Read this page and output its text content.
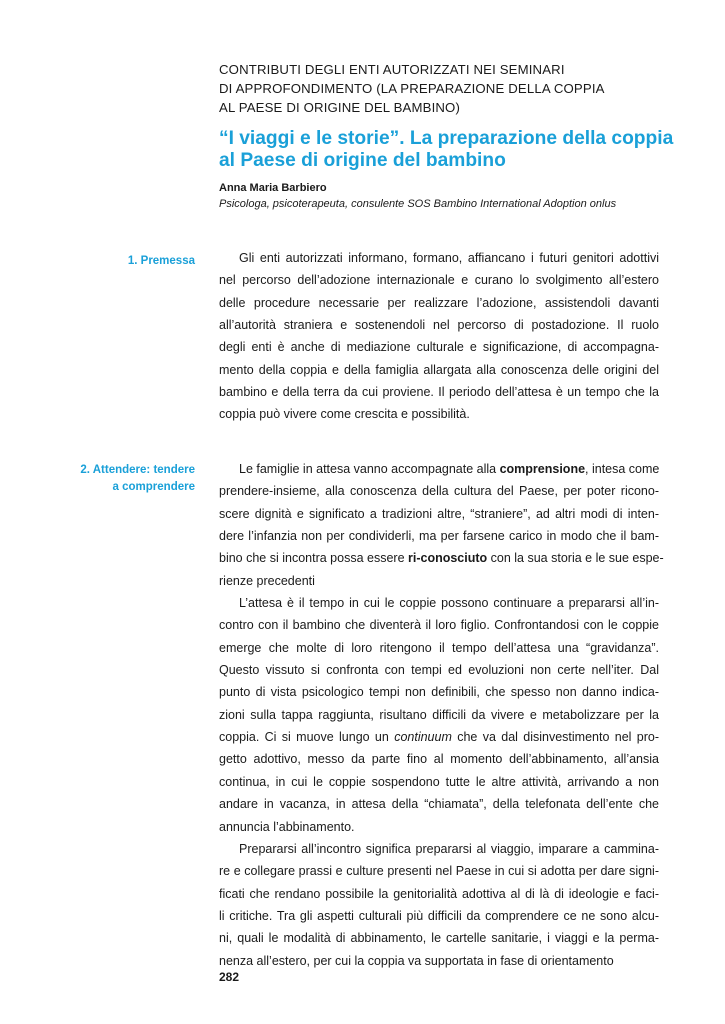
CONTRIBUTI DEGLI ENTI AUTORIZZATI NEI SEMINARI
DI APPROFONDIMENTO (LA PREPARAZIONE DELLA COPPIA
AL PAESE DI ORIGINE DEL BAMBINO)
“I viaggi e le storie”. La preparazione della coppia
al Paese di origine del bambino
Anna Maria Barbiero
Psicologa, psicoterapeuta, consulente SOS Bambino International Adoption onlus
1. Premessa	Gli enti autorizzati informano, formano, affiancano i futuri genitori adottivi
nel percorso dell’adozione internazionale e curano lo svolgimento all’estero
delle procedure necessarie per realizzare l’adozione, assistendoli davanti
all’autorità straniera e sostenendoli nel percorso di postadozione. Il ruolo
degli enti è anche di mediazione culturale e significazione, di accompagna-
mento della coppia e della famiglia allargata alla conoscenza delle origini del
bambino e della terra da cui proviene. Il periodo dell’attesa è un tempo che la
coppia può vivere come crescita e possibilità.

2. Attendere: tendere
a comprendere

Le famiglie in attesa vanno accompagnate alla comprensione, intesa come
prendere-insieme, alla conoscenza della cultura del Paese, per poter ricono-
scere dignità e significato a tradizioni altre, “straniere”, ad altri modi di inten-
dere l’infanzia non per condividerli, ma per farsene carico in modo che il bam-
bino che si incontra possa essere ri-conosciuto con la sua storia e le sue espe-
rienze precedenti

L’attesa è il tempo in cui le coppie possono continuare a prepararsi all’in-
contro con il bambino che diventerà il loro figlio. Confrontandosi con le coppie
emerge che molte di loro ritengono il tempo dell’attesa una “gravidanza”.
Questo vissuto si confronta con tempi ed evoluzioni non certe nell’iter. Dal
punto di vista psicologico tempi non definibili, che spesso non danno indica-
zioni sulla tappa raggiunta, risultano difficili da vivere e metabolizzare per la
coppia. Ci si muove lungo un continuum che va dal disinvestimento nel pro-
getto adottivo, messo da parte fino al momento dell’abbinamento, all’ansia
continua, in cui le coppie sospendono tutte le altre attività, arrivando a non
andare in vacanza, in attesa della “chiamata”, della telefonata dell’ente che
annuncia l’abbinamento.

Prepararsi all’incontro significa prepararsi al viaggio, imparare a cammina-
re e collegare prassi e culture presenti nel Paese in cui si adotta per dare signi-
ficati che rendano possibile la genitorialità adottiva al di là di ideologie e faci-
li critiche. Tra gli aspetti culturali più difficili da comprendere ce ne sono alcu-
ni, quali le modalità di abbinamento, le cartelle sanitarie, i viaggi e la perma-
nenza all’estero, per cui la coppia va supportata in fase di orientamento

282
